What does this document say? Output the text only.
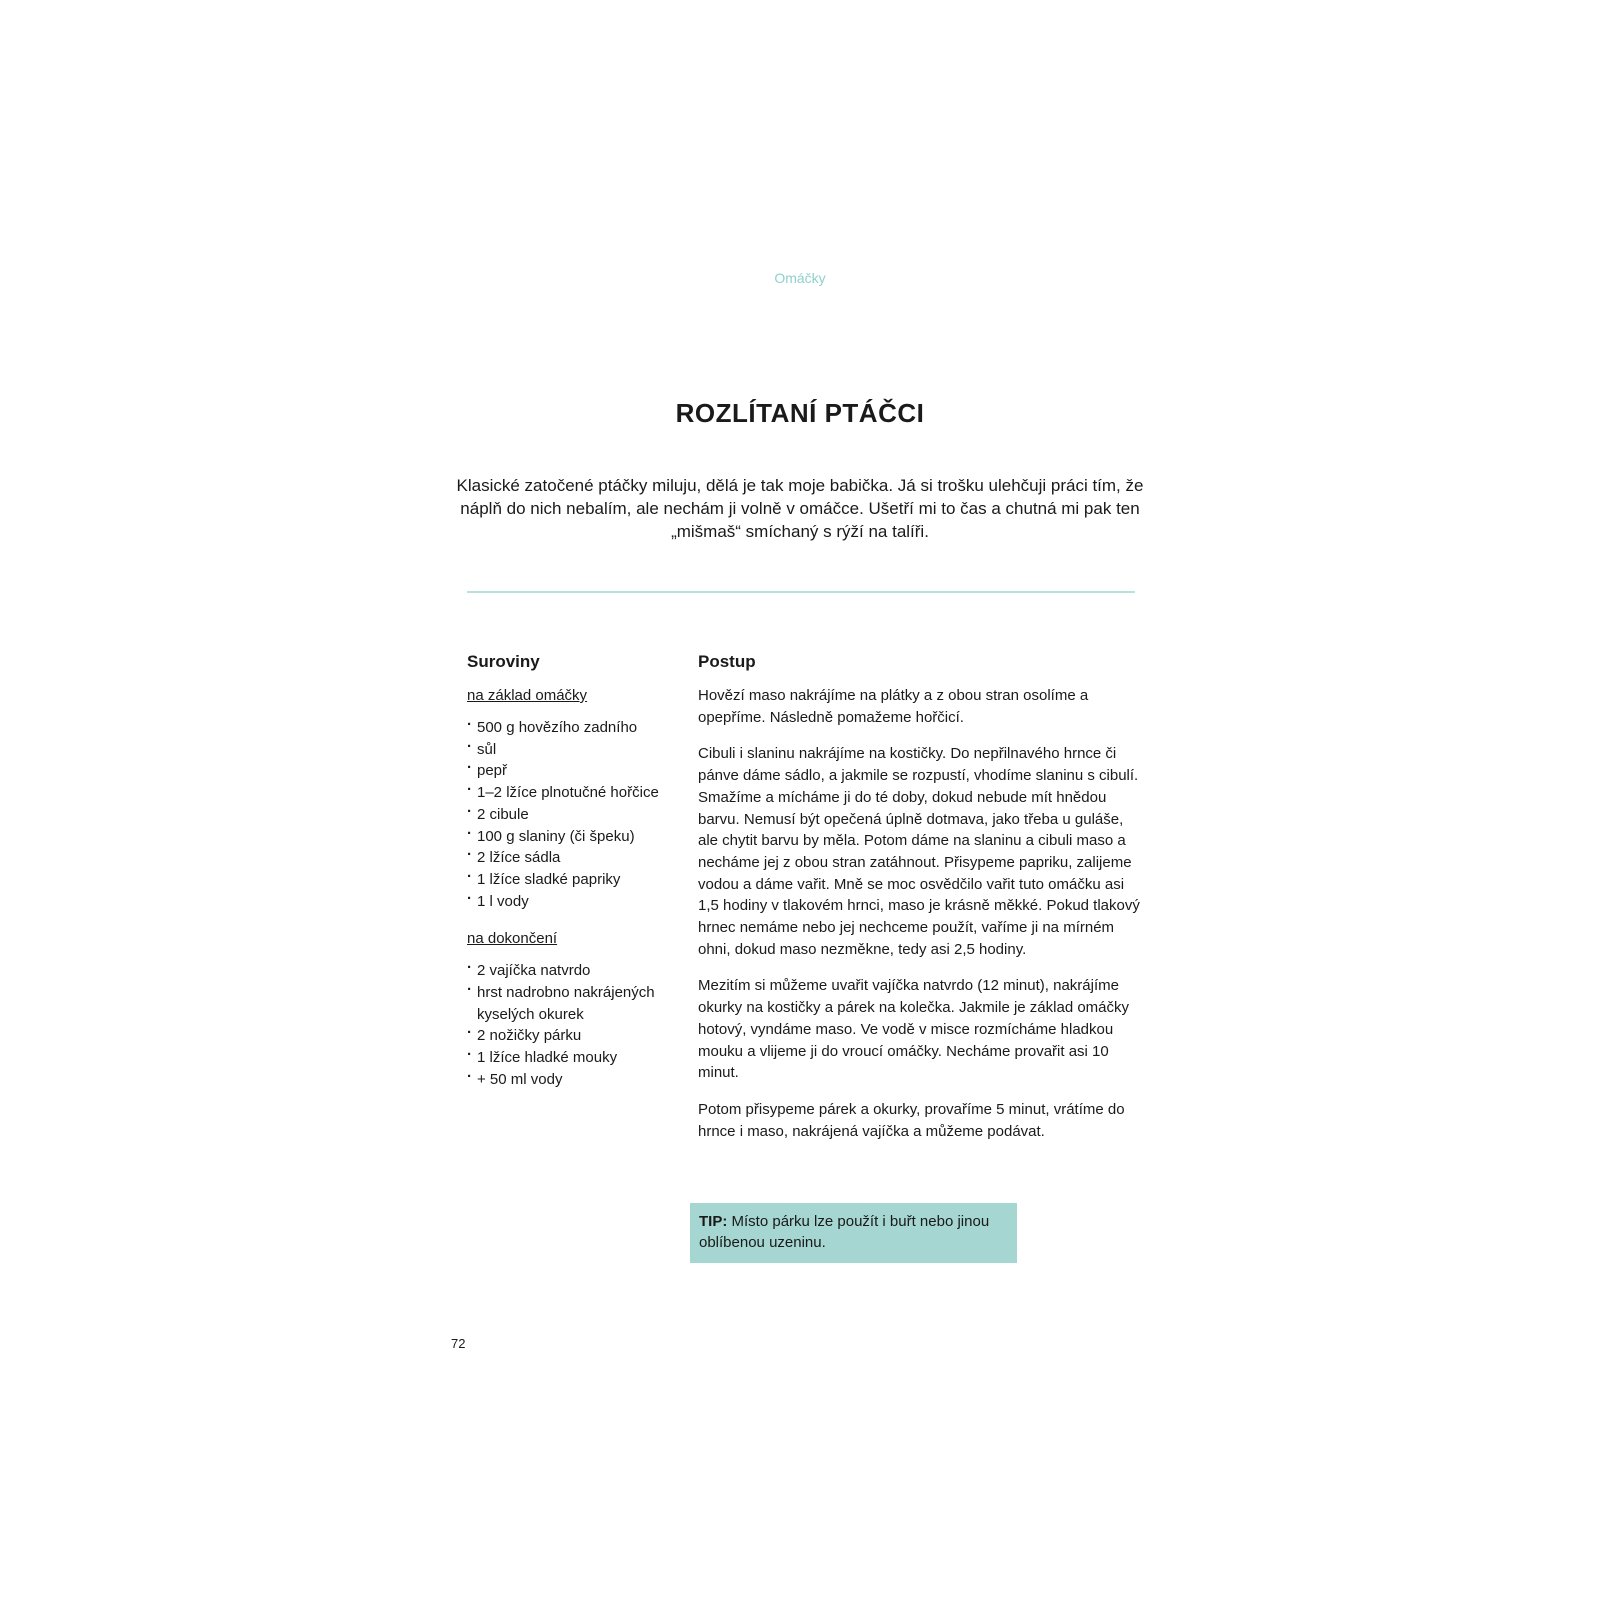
Omáčky
ROZLÍTANÍ PTÁČCI

Klasické zatočené ptáčky miluju, dělá je tak moje babička. Já si trošku ulehčuji práci tím, že náplň do nich nebalím, ale nechám ji volně v omáčce. Ušetří mi to čas a chutná mi pak ten „mišmaš“ smíchaný s rýží na talíři.

Suroviny
na základ omáčky
· 500 g hovězího zadního
· sůl
· pepř
· 1–2 lžíce plnotučné hořčice
· 2 cibule
· 100 g slaniny (či špeku)
· 2 lžíce sádla
· 1 lžíce sladké papriky
· 1 l vody
na dokončení
· 2 vajíčka natvrdo
· hrst nadrobno nakrájených kyselých okurek
· 2 nožičky párku
· 1 lžíce hladké mouky
· + 50 ml vody
Postup

Hovězí maso nakrájíme na plátky a z obou stran osolíme a opepříme. Následně pomažeme hořčicí.

Cibuli i slaninu nakrájíme na kostičky. Do nepřilnavého hrnce či pánve dáme sádlo, a jakmile se rozpustí, vhodíme slaninu s cibulí. Smažíme a mícháme ji do té doby, dokud nebude mít hnědou barvu. Nemusí být opečená úplně dotmava, jako třeba u guláše, ale chytit barvu by měla. Potom dáme na slaninu a cibuli maso a necháme jej z obou stran zatáhnout. Přisypeme papriku, zalijeme vodou a dáme vařit. Mně se moc osvědčilo vařit tuto omáčku asi 1,5 hodiny v tlakovém hrnci, maso je krásně měkké. Pokud tlakový hrnec nemáme nebo jej nechceme použít, vaříme ji na mírném ohni, dokud maso nezměkne, tedy asi 2,5 hodiny.

Mezitím si můžeme uvařit vajíčka natvrdo (12 minut), nakrájíme okurky na kostičky a párek na kolečka. Jakmile je základ omáčky hotový, vyndáme maso. Ve vodě v misce rozmícháme hladkou mouku a vlijeme ji do vroucí omáčky. Necháme provařit asi 10 minut.

Potom přisypeme párek a okurky, provaříme 5 minut, vrátíme do hrnce i maso, nakrájená vajíčka a můžeme podávat.

TIP: Místo párku lze použít i buřt nebo jinou oblíbenou uzeninu.
72
